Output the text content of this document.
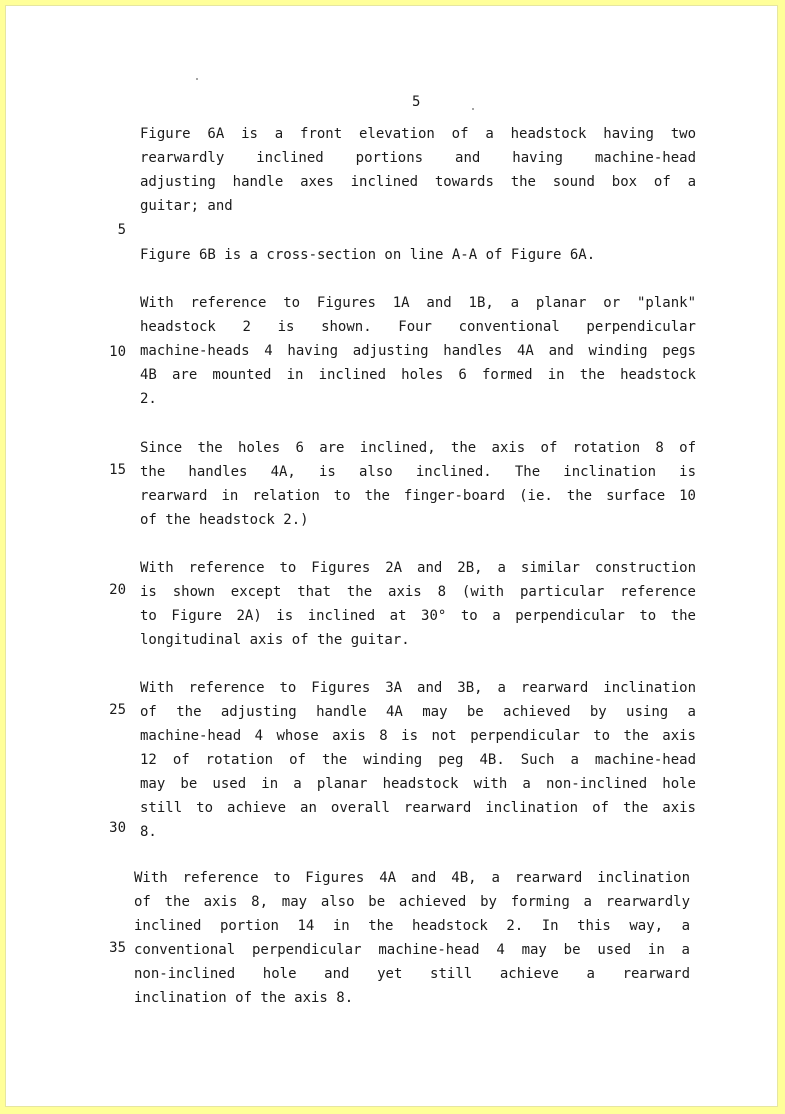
5
5
10
15
20
25
30
35
Figure 6A is a front elevation of a headstock having two
rearwardly inclined portions and having machine-head
adjusting handle axes inclined towards the sound box of a
guitar; and
Figure 6B is a cross-section on line A-A of Figure 6A.
With reference to Figures 1A and 1B, a planar or "plank"
headstock 2 is shown. Four conventional perpendicular
machine-heads 4 having adjusting handles 4A and winding pegs
4B are mounted in inclined holes 6 formed in the headstock
2.
Since the holes 6 are inclined, the axis of rotation 8 of
the handles 4A, is also inclined. The inclination is
rearward in relation to the finger-board (ie. the surface 10
of the headstock 2.)
With reference to Figures 2A and 2B, a similar construction
is shown except that the axis 8 (with particular reference
to Figure 2A) is inclined at 30° to a perpendicular to the
longitudinal axis of the guitar.
With reference to Figures 3A and 3B, a rearward inclination
of the adjusting handle 4A may be achieved by using a
machine-head 4 whose axis 8 is not perpendicular to the axis
12 of rotation of the winding peg 4B. Such a machine-head
may be used in a planar headstock with a non-inclined hole
still to achieve an overall rearward inclination of the axis
8.
With reference to Figures 4A and 4B, a rearward inclination
of the axis 8, may also be achieved by forming a rearwardly
inclined portion 14 in the headstock 2. In this way, a
conventional perpendicular machine-head 4 may be used in a
non-inclined hole and yet still achieve a rearward
inclination of the axis 8.
